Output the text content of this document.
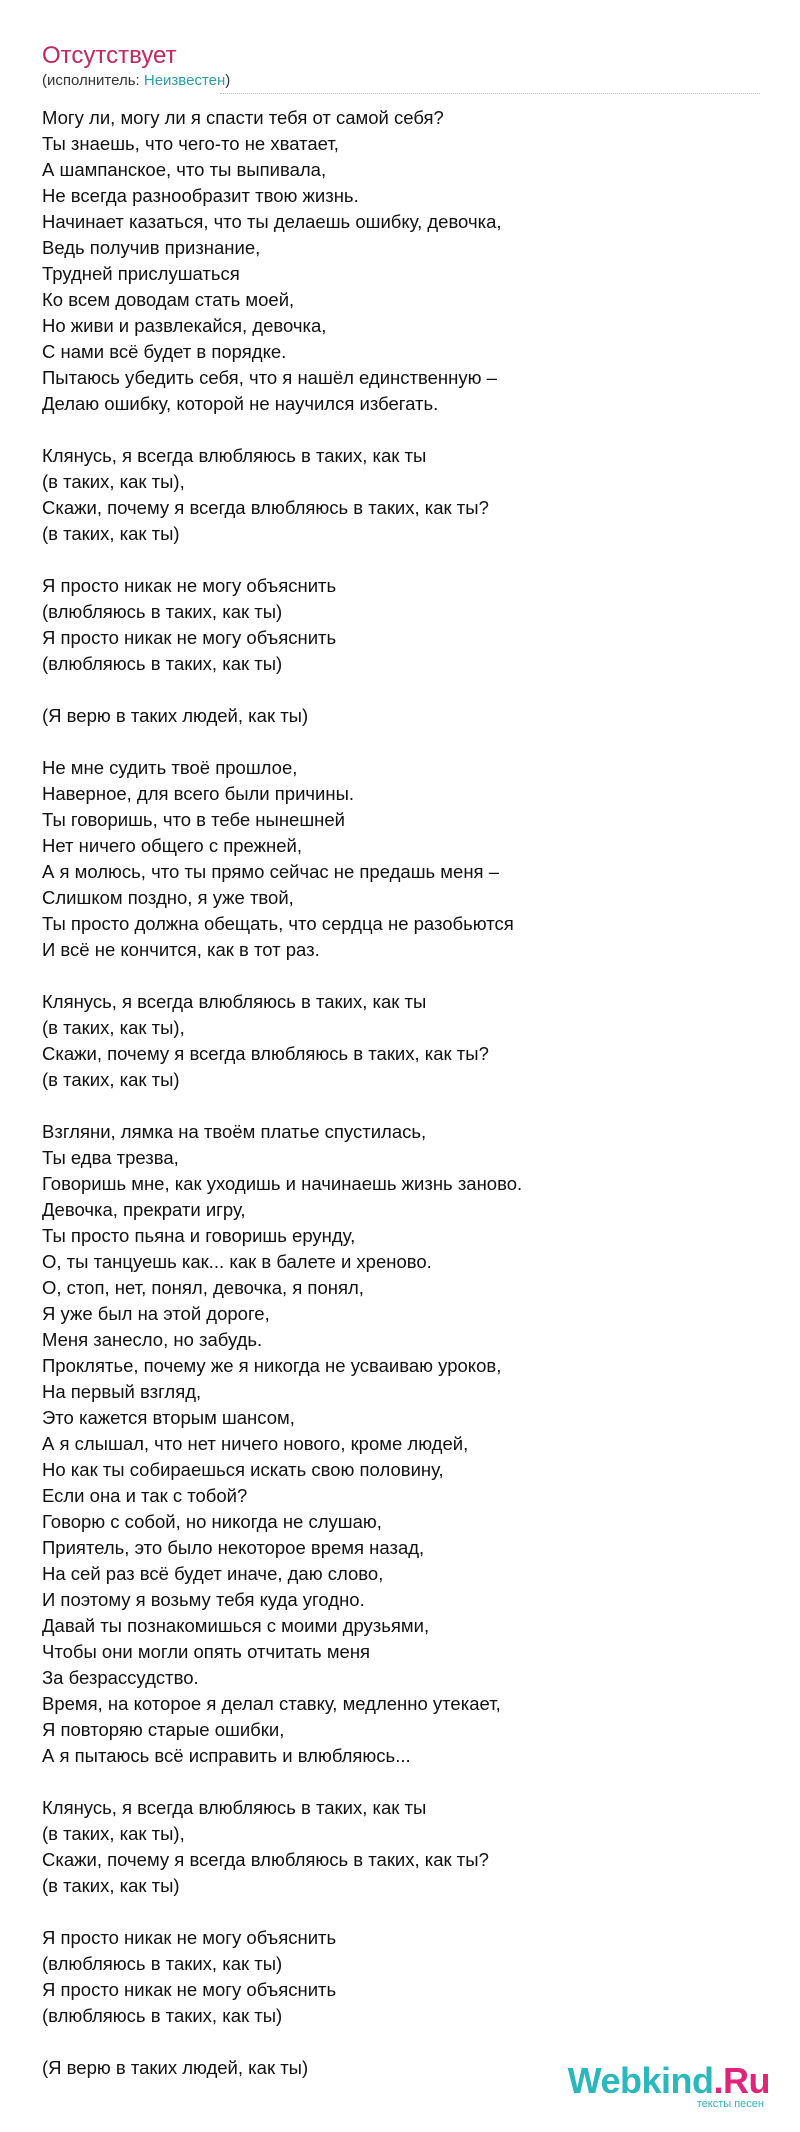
Отсутствует
(исполнитель: Неизвестен)
Могу ли, могу ли я спасти тебя от самой себя?
Ты знаешь, что чего-то не хватает,
А шампанское, что ты выпивала,
Не всегда разнообразит твою жизнь.
Начинает казаться, что ты делаешь ошибку, девочка,
Ведь получив признание,
Трудней прислушаться
Ко всем доводам стать моей,
Но живи и развлекайся, девочка,
С нами всё будет в порядке.
Пытаюсь убедить себя, что я нашёл единственную –
Делаю ошибку, которой не научился избегать.
Клянусь, я всегда влюбляюсь в таких, как ты
(в таких, как ты),
Скажи, почему я всегда влюбляюсь в таких, как ты?
(в таких, как ты)
Я просто никак не могу объяснить
(влюбляюсь в таких, как ты)
Я просто никак не могу объяснить
(влюбляюсь в таких, как ты)
(Я верю в таких людей, как ты)
Не мне судить твоё прошлое,
Наверное, для всего были причины.
Ты говоришь, что в тебе нынешней
Нет ничего общего с прежней,
А я молюсь, что ты прямо сейчас не предашь меня –
Слишком поздно, я уже твой,
Ты просто должна обещать, что сердца не разобьются
И всё не кончится, как в тот раз.
Клянусь, я всегда влюбляюсь в таких, как ты
(в таких, как ты),
Скажи, почему я всегда влюбляюсь в таких, как ты?
(в таких, как ты)
Взгляни, лямка на твоём платье спустилась,
Ты едва трезва,
Говоришь мне, как уходишь и начинаешь жизнь заново.
Девочка, прекрати игру,
Ты просто пьяна и говоришь ерунду,
О, ты танцуешь как... как в балете и хреново.
О, стоп, нет, понял, девочка, я понял,
Я уже был на этой дороге,
Меня занесло, но забудь.
Проклятье, почему же я никогда не усваиваю уроков,
На первый взгляд,
Это кажется вторым шансом,
А я слышал, что нет ничего нового, кроме людей,
Но как ты собираешься искать свою половину,
Если она и так с тобой?
Говорю с собой, но никогда не слушаю,
Приятель, это было некоторое время назад,
На сей раз всё будет иначе, даю слово,
И поэтому я возьму тебя куда угодно.
Давай ты познакомишься с моими друзьями,
Чтобы они могли опять отчитать меня
За безрассудство.
Время, на которое я делал ставку, медленно утекает,
Я повторяю старые ошибки,
А я пытаюсь всё исправить и влюбляюсь...
Клянусь, я всегда влюбляюсь в таких, как ты
(в таких, как ты),
Скажи, почему я всегда влюбляюсь в таких, как ты?
(в таких, как ты)
Я просто никак не могу объяснить
(влюбляюсь в таких, как ты)
Я просто никак не могу объяснить
(влюбляюсь в таких, как ты)
(Я верю в таких людей, как ты)	Webkind.Ru
тексты песен
